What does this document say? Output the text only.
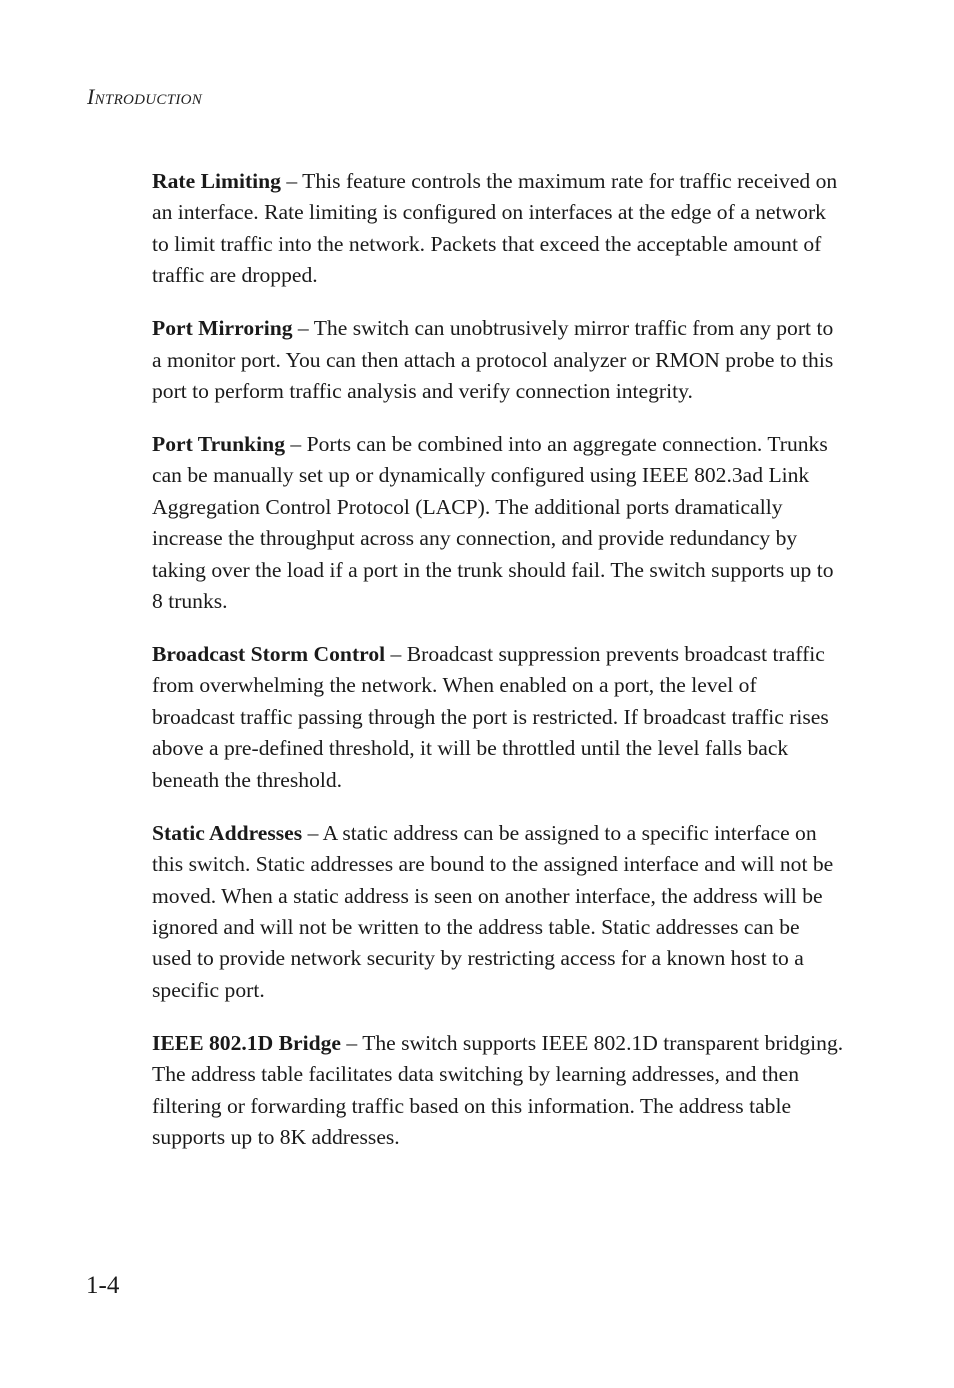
Introduction

Rate Limiting – This feature controls the maximum rate for traffic received on an interface. Rate limiting is configured on interfaces at the edge of a network to limit traffic into the network. Packets that exceed the acceptable amount of traffic are dropped.

Port Mirroring – The switch can unobtrusively mirror traffic from any port to a monitor port. You can then attach a protocol analyzer or RMON probe to this port to perform traffic analysis and verify connection integrity.

Port Trunking – Ports can be combined into an aggregate connection. Trunks can be manually set up or dynamically configured using IEEE 802.3ad Link Aggregation Control Protocol (LACP). The additional ports dramatically increase the throughput across any connection, and provide redundancy by taking over the load if a port in the trunk should fail. The switch supports up to 8 trunks.

Broadcast Storm Control – Broadcast suppression prevents broadcast traffic from overwhelming the network. When enabled on a port, the level of broadcast traffic passing through the port is restricted. If broadcast traffic rises above a pre-defined threshold, it will be throttled until the level falls back beneath the threshold.

Static Addresses – A static address can be assigned to a specific interface on this switch. Static addresses are bound to the assigned interface and will not be moved. When a static address is seen on another interface, the address will be ignored and will not be written to the address table. Static addresses can be used to provide network security by restricting access for a known host to a specific port.

IEEE 802.1D Bridge – The switch supports IEEE 802.1D transparent bridging. The address table facilitates data switching by learning addresses, and then filtering or forwarding traffic based on this information. The address table supports up to 8K addresses.

1-4
